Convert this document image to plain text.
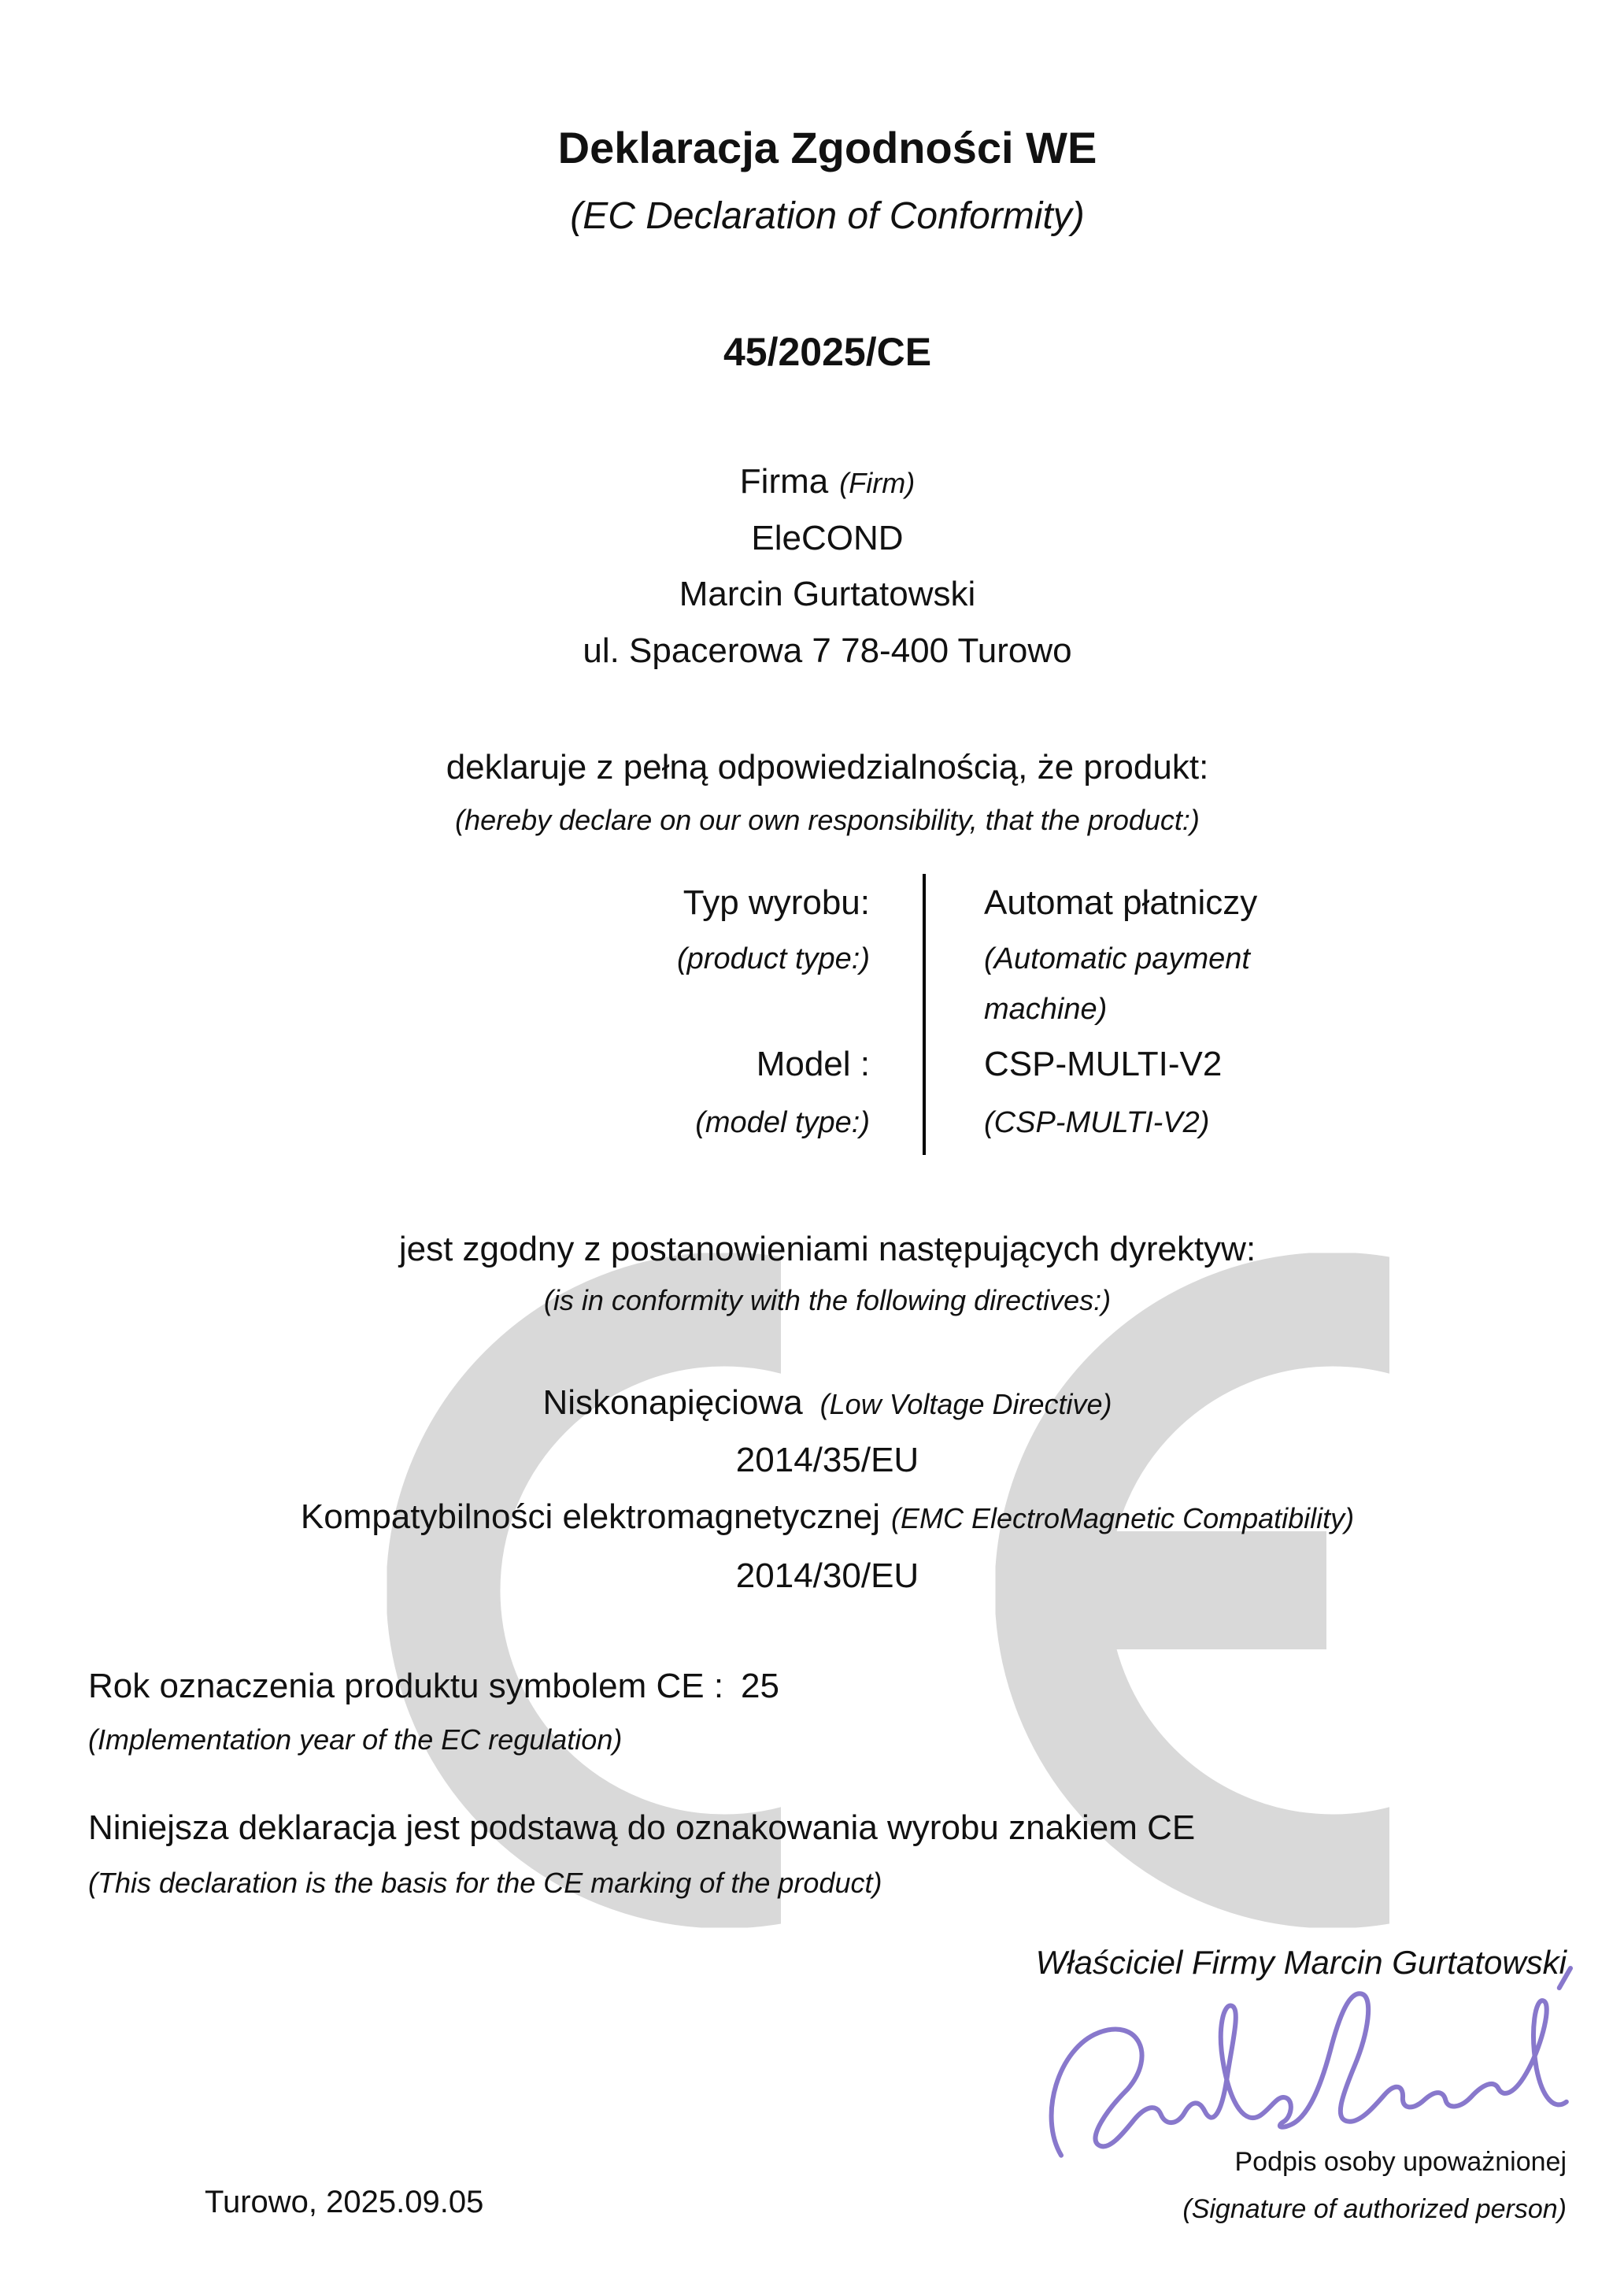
Deklaracja Zgodności WE
(EC Declaration of Conformity)
45/2025/CE
Firma (Firm)
EleCOND
Marcin Gurtatowski
ul. Spacerowa 7 78-400 Turowo
deklaruje z pełną odpowiedzialnością, że produkt:
(hereby declare on our own responsibility, that the product:)
Typ wyrobu:	Automat płatniczy
(product type:)	(Automatic payment
machine)
Model :	CSP-MULTI-V2
(model type:)	(CSP-MULTI-V2)
jest zgodny z postanowieniami następujących dyrektyw:
(is in conformity with the following directives:)
Niskonapięciowa (Low Voltage Directive)
2014/35/EU
Kompatybilności elektromagnetycznej (EMC ElectroMagnetic Compatibility)
2014/30/EU
Rok oznaczenia produktu symbolem CE : 25
(Implementation year of the EC regulation)
Niniejsza deklaracja jest podstawą do oznakowania wyrobu znakiem CE
(This declaration is the basis for the CE marking of the product)
Właściciel Firmy Marcin Gurtatowski
Podpis osoby upoważnionej
(Signature of authorized person)
Turowo, 2025.09.05
